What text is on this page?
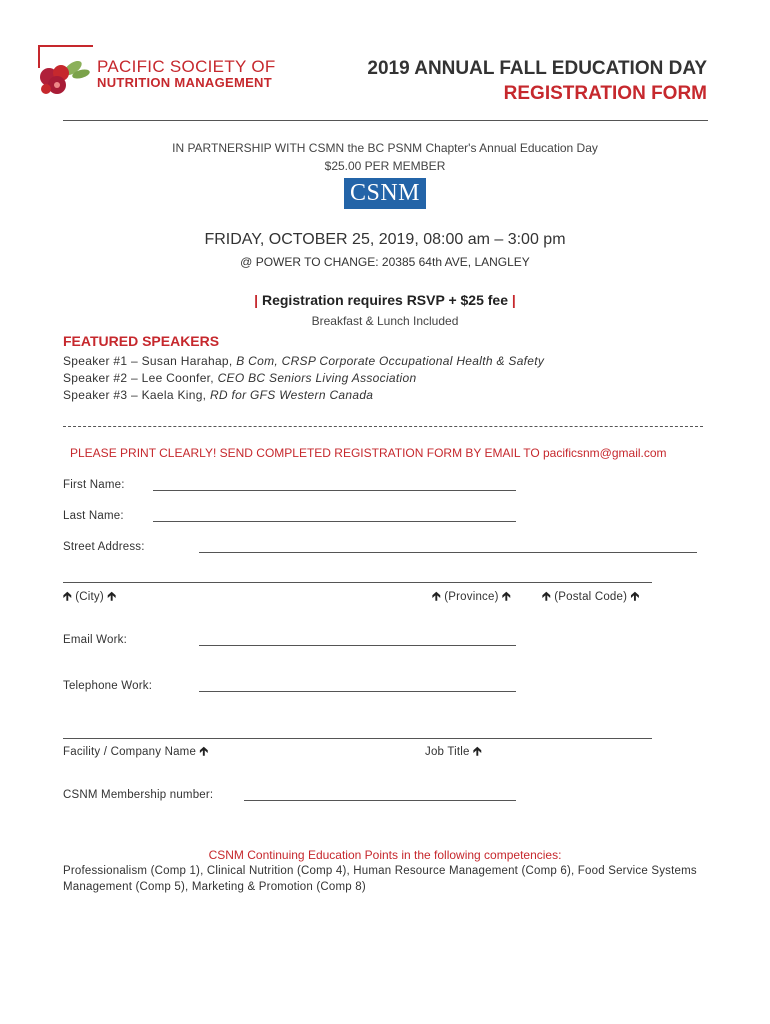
PACIFIC SOCIETY OF
NUTRITION MANAGEMENT
2019 ANNUAL FALL EDUCATION DAY
REGISTRATION FORM
IN PARTNERSHIP WITH CSMN the BC PSNM Chapter's Annual Education Day
$25.00 PER MEMBER
CSNM
FRIDAY, OCTOBER 25, 2019, 08:00 am – 3:00 pm
@ POWER TO CHANGE: 20385 64th AVE, LANGLEY
| Registration requires RSVP + $25 fee |
Breakfast & Lunch Included
FEATURED SPEAKERS
Speaker #1 – Susan Harahap, B Com, CRSP Corporate Occupational Health & Safety
Speaker #2 – Lee Coonfer, CEO BC Seniors Living Association
Speaker #3 – Kaela King, RD for GFS Western Canada
PLEASE PRINT CLEARLY! SEND COMPLETED REGISTRATION FORM BY EMAIL TO pacificsnm@gmail.com
First Name:
Last Name:
Street Address:
🡱 (City) 🡱	🡱 (Province) 🡱	🡱 (Postal Code) 🡱
Email Work:
Telephone Work:
Facility / Company Name 🡱	Job Title 🡱
CSNM Membership number:
CSNM Continuing Education Points in the following competencies:
Professionalism (Comp 1), Clinical Nutrition (Comp 4), Human Resource Management (Comp 6), Food Service Systems Management (Comp 5), Marketing & Promotion (Comp 8)
